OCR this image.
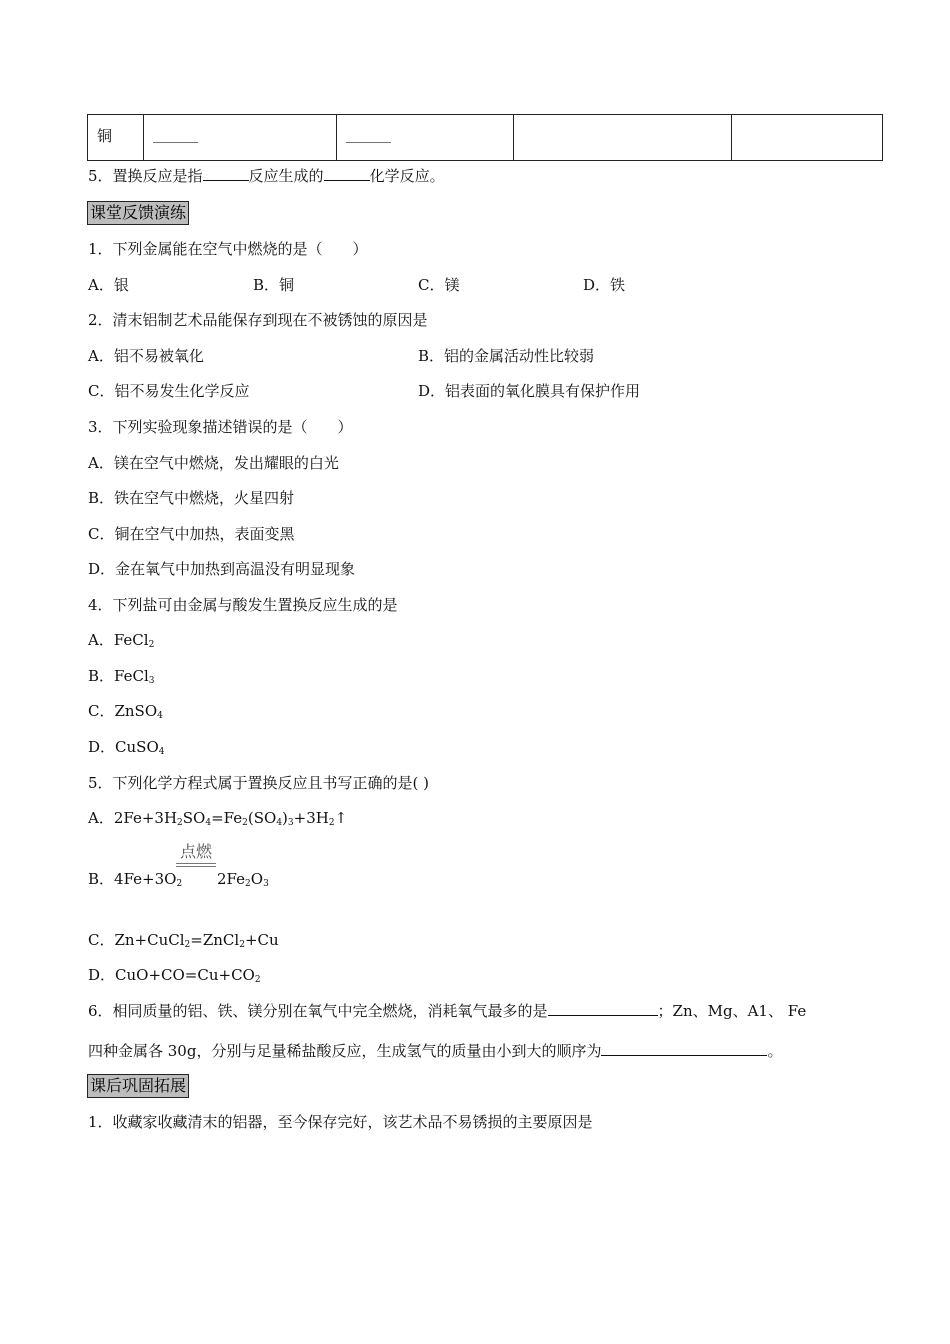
铜	______	______

5．置换反应是指	反应生成的	化学反应。
课堂反馈演练
1．下列金属能在空气中燃烧的是（　　）
A．银	B．铜	C．镁	D．铁
2．清末铝制艺术品能保存到现在不被锈蚀的原因是
A．铝不易被氧化	B．铝的金属活动性比较弱
C．铝不易发生化学反应	D．铝表面的氧化膜具有保护作用
3．下列实验现象描述错误的是（　　）
A．镁在空气中燃烧，发出耀眼的白光
B．铁在空气中燃烧，火星四射
C．铜在空气中加热，表面变黑
D．金在氧气中加热到高温没有明显现象
4．下列盐可由金属与酸发生置换反应生成的是
A．FeCl$_2$
B．FeCl$_3$
C．ZnSO$_4$
D．CuSO$_4$
5．下列化学方程式属于置换反应且书写正确的是( )
A．$2Fe+3H_2SO_4=Fe_2(SO_4)_3+3H_2↑$
点燃
B．$4Fe+3O_2$ $2Fe_2O_3$
C．Zn+CuCl$_2$=ZnCl$_2$+Cu
D．$CuO+CO=Cu+CO_2$
6．相同质量的铝、铁、镁分别在氧气中完全燃烧，消耗氧气最多的是	；Zn、Mg、A1、 Fe
四种金属各 30g，分别与足量稀盐酸反应，生成氢气的质量由小到大的顺序为	。
课后巩固拓展
1．收藏家收藏清末的铝器，至今保存完好，该艺术品不易锈损的主要原因是
